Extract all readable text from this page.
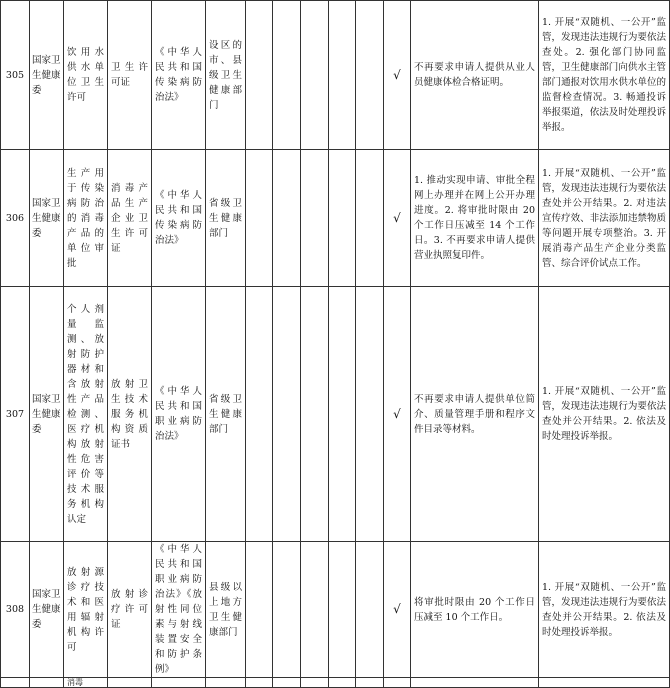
305	国家卫生健康委	饮用水供水单位卫生许可	卫生许可证	《中华人民共和国传染病防治法》	设区的市、县级卫生健康部门						√	不再要求申请人提供从业人员健康体检合格证明。	1. 开展“双随机、一公开”监管，发现违法违规行为要依法查处。2. 强化部门协同监管，卫生健康部门向供水主管部门通报对饮用水供水单位的监督检查情况。3. 畅通投诉举报渠道，依法及时处理投诉举报。
306	国家卫生健康委	生产用于传染病防治的消毒产品的单位审批	消毒产品生产企业卫生许可证	《中华人民共和国传染病防治法》	省级卫生健康部门						√	1. 推动实现申请、审批全程网上办理并在网上公开办理进度。2. 将审批时限由 20 个工作日压减至 14 个工作日。3. 不再要求申请人提供营业执照复印件。	1. 开展“双随机、一公开”监管，发现违法违规行为要依法查处并公开结果。2. 对违法宣传疗效、非法添加违禁物质等问题开展专项整治。3. 开展消毒产品生产企业分类监管、综合评价试点工作。
307	国家卫生健康委	个人剂量监测、放射防护器材和含放射性产品检测、医疗机构放射性危害评价等技术服务机构认定	放射卫生技术服务机构资质证书	《中华人民共和国职业病防治法》	省级卫生健康部门						√	不再要求申请人提供单位简介、质量管理手册和程序文件目录等材料。	1. 开展“双随机、一公开”监管，发现违法违规行为要依法查处并公开结果。2. 依法及时处理投诉举报。
308	国家卫生健康委	放射源诊疗技术和医用辐射机构许可	放射诊疗许可证	《中华人民共和国职业病防治法》《放射性同位素与射线装置安全和防护条例》	县级以上地方卫生健康部门						√	将审批时限由 20 个工作日压减至 10 个工作日。	1. 开展“双随机、一公开”监管，发现违法违规行为要依法查处并公开结果。2. 依法及时处理投诉举报。
		消毒											
